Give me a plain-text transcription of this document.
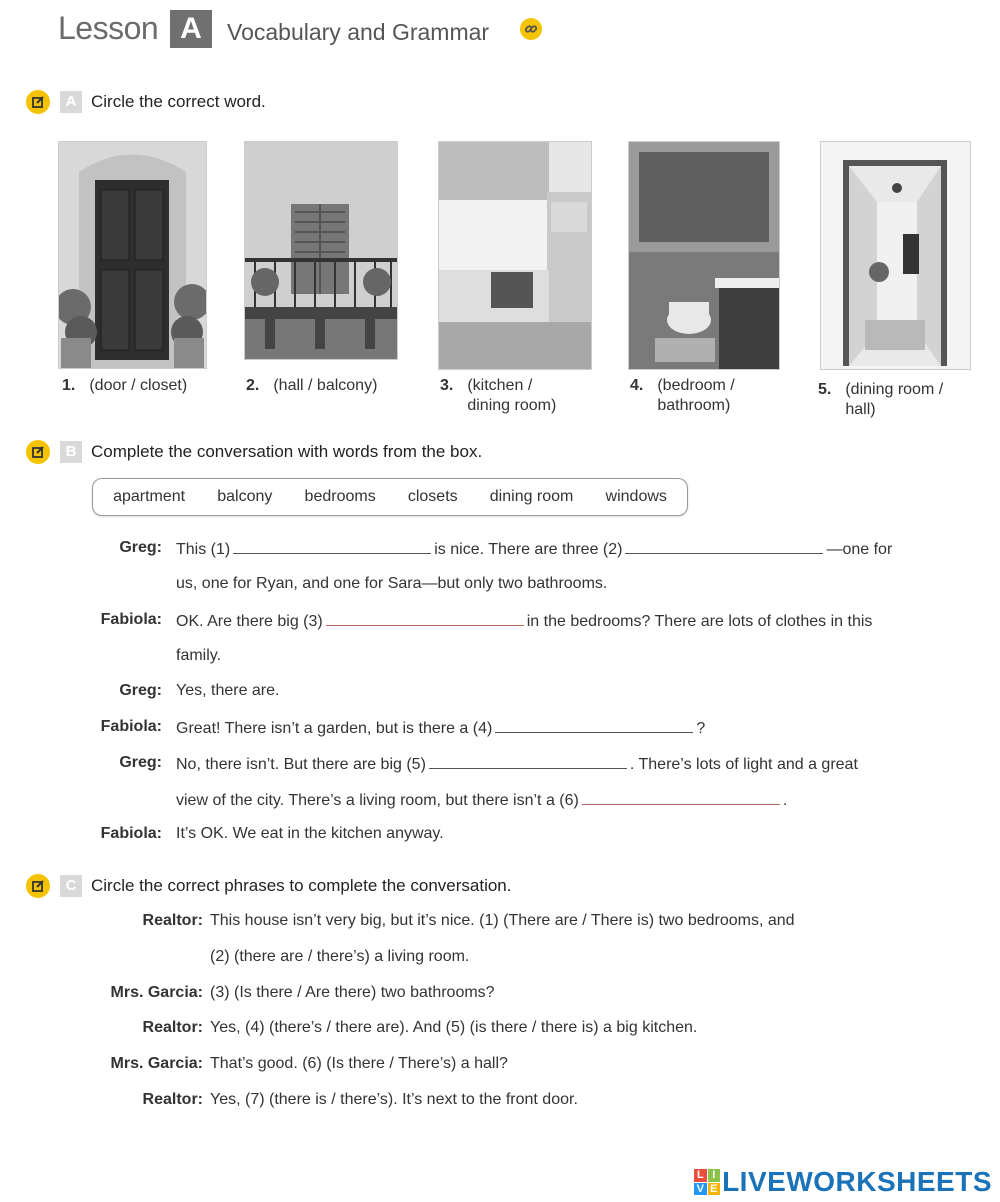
Lesson A	Vocabulary and Grammar
A Circle the correct word.
1. (door / closet)	2. (hall / balcony)	3. (kitchen /
dining room)
4. (bedroom /
bathroom)
5. (dining room /
hall)
B Complete the conversation with words from the box.
apartment balcony bedrooms closets dining room windows
Greg: This (1)	is nice. There are three (2)	—one for
us, one for Ryan, and one for Sara—but only two bathrooms.
Fabiola: OK. Are there big (3)	in the bedrooms? There are lots of clothes in this
family.
Greg: Yes, there are.
Fabiola: Great! There isn’t a garden, but is there a (4)	?
Greg: No, there isn’t. But there are big (5)	. There’s lots of light and a great
view of the city. There’s a living room, but there isn’t a (6)	.
Fabiola: It’s OK. We eat in the kitchen anyway.
C Circle the correct phrases to complete the conversation.
Realtor: This house isn’t very big, but it’s nice. (1) (There are / There is) two bedrooms, and
(2) (there are / there’s) a living room.
Mrs. Garcia: (3) (Is there / Are there) two bathrooms?
Realtor: Yes, (4) (there’s / there are). And (5) (is there / there is) a big kitchen.
Mrs. Garcia: That’s good. (6) (Is there / There’s) a hall?
Realtor: Yes, (7) (there is / there’s). It’s next to the front door.
L I
V E LIVEWORKSHEETS
